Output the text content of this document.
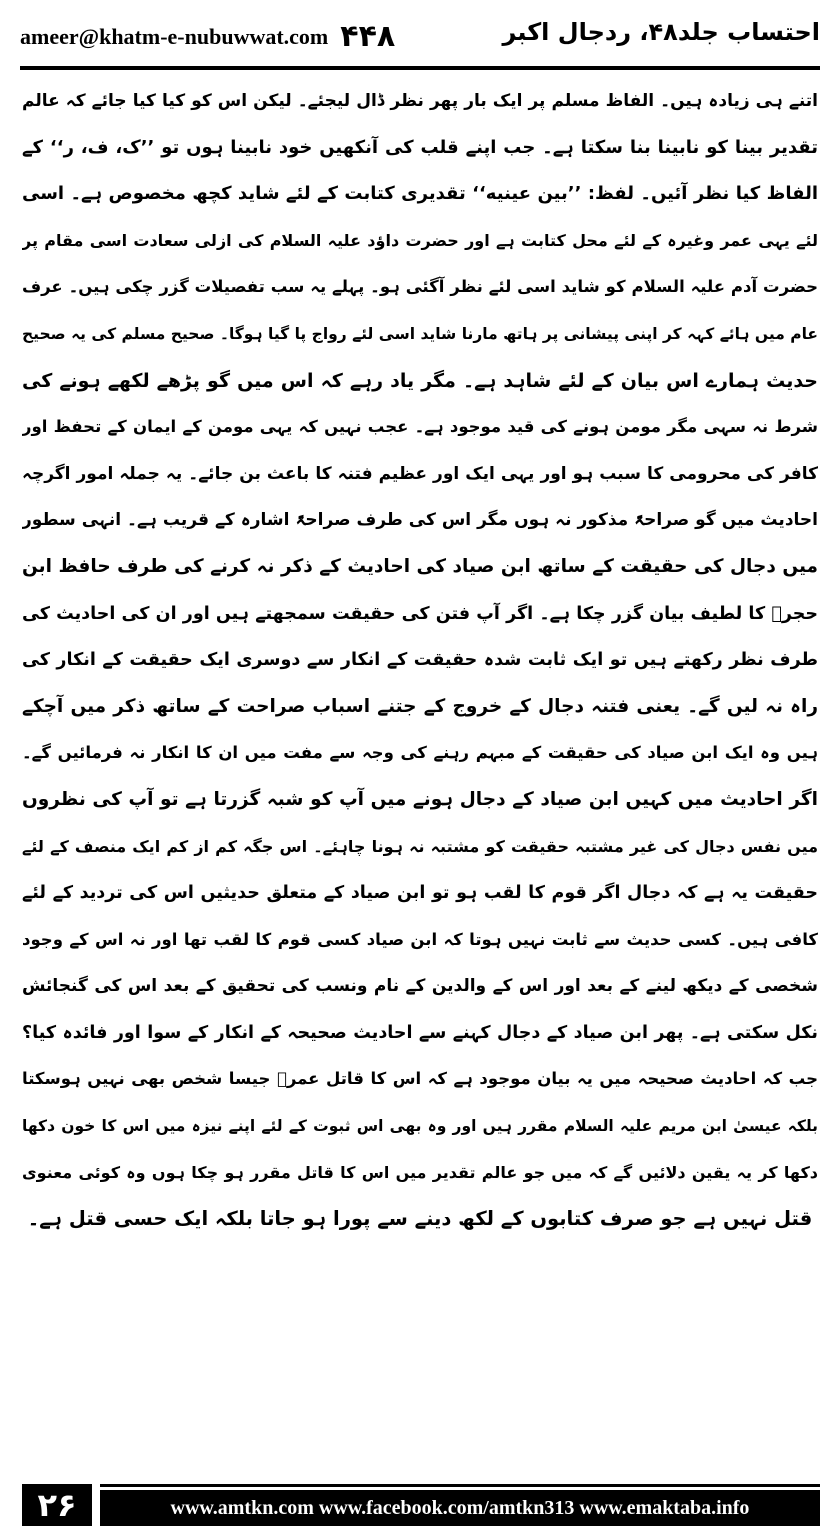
ameer@khatm-e-nubuwwat.com ۴۴۸	احتساب جلد۴۸، ردجال اکبر
اتنے ہی زیادہ ہیں۔ الفاظ مسلم پر ایک بار پھر نظر ڈال لیجئے۔ لیکن اس کو کیا کیا جائے کہ عالم
تقدیر بینا کو نابینا بنا سکتا ہے۔ جب اپنے قلب کی آنکھیں خود نابینا ہوں تو ’’ک، ف، ر‘‘ کے
الفاظ کیا نظر آئیں۔ لفظ: ’’بین عینیه‘‘ تقدیری کتابت کے لئے شاید کچھ مخصوص ہے۔ اسی
لئے یہی عمر وغیرہ کے لئے محل کتابت ہے اور حضرت داؤد علیہ السلام کی ازلی سعادت اسی مقام پر
حضرت آدم علیہ السلام کو شاید اسی لئے نظر آگئی ہو۔ پہلے یہ سب تفصیلات گزر چکی ہیں۔ عرف
عام میں ہائے کہہ کر اپنی پیشانی پر ہاتھ مارنا شاید اسی لئے رواج پا گیا ہوگا۔ صحیح مسلم کی یہ صحیح
حدیث ہمارے اس بیان کے لئے شاہد ہے۔ مگر یاد رہے کہ اس میں گو پڑھے لکھے ہونے کی
شرط نہ سہی مگر مومن ہونے کی قید موجود ہے۔ عجب نہیں کہ یہی مومن کے ایمان کے تحفظ اور
کافر کی محرومی کا سبب ہو اور یہی ایک اور عظیم فتنہ کا باعث بن جائے۔ یہ جملہ امور اگرچہ
احادیث میں گو صراحۃً مذکور نہ ہوں مگر اس کی طرف صراحۃً اشارہ کے قریب ہے۔ انہی سطور
میں دجال کی حقیقت کے ساتھ ابن صیاد کی احادیث کے ذکر نہ کرنے کی طرف حافظ ابن
حجرؒ کا لطیف بیان گزر چکا ہے۔ اگر آپ فتن کی حقیقت سمجھتے ہیں اور ان کی احادیث کی
طرف نظر رکھتے ہیں تو ایک ثابت شدہ حقیقت کے انکار سے دوسری ایک حقیقت کے انکار کی
راہ نہ لیں گے۔ یعنی فتنہ دجال کے خروج کے جتنے اسباب صراحت کے ساتھ ذکر میں آچکے
ہیں وہ ایک ابن صیاد کی حقیقت کے مبہم رہنے کی وجہ سے مفت میں ان کا انکار نہ فرمائیں گے۔
اگر احادیث میں کہیں ابن صیاد کے دجال ہونے میں آپ کو شبہ گزرتا ہے تو آپ کی نظروں
میں نفس دجال کی غیر مشتبہ حقیقت کو مشتبہ نہ ہونا چاہئے۔ اس جگہ کم از کم ایک منصف کے لئے
حقیقت یہ ہے کہ دجال اگر قوم کا لقب ہو تو ابن صیاد کے متعلق حدیثیں اس کی تردید کے لئے
کافی ہیں۔ کسی حدیث سے ثابت نہیں ہوتا کہ ابن صیاد کسی قوم کا لقب تھا اور نہ اس کے وجود
شخصی کے دیکھ لینے کے بعد اور اس کے والدین کے نام ونسب کی تحقیق کے بعد اس کی گنجائش
نکل سکتی ہے۔ پھر ابن صیاد کے دجال کہنے سے احادیث صحیحہ کے انکار کے سوا اور فائدہ کیا؟
جب کہ احادیث صحیحہ میں یہ بیان موجود ہے کہ اس کا قاتل عمرؓ جیسا شخص بھی نہیں ہوسکتا
بلکہ عیسیٰ ابن مریم علیہ السلام مقرر ہیں اور وہ بھی اس ثبوت کے لئے اپنے نیزہ میں اس کا خون دکھا
دکھا کر یہ یقین دلائیں گے کہ میں جو عالم تقدیر میں اس کا قاتل مقرر ہو چکا ہوں وہ کوئی معنوی
قتل نہیں ہے جو صرف کتابوں کے لکھ دینے سے پورا ہو جاتا بلکہ ایک حسی قتل ہے۔
۲۶	www.amtkn.com www.facebook.com/amtkn313 www.emaktaba.info
